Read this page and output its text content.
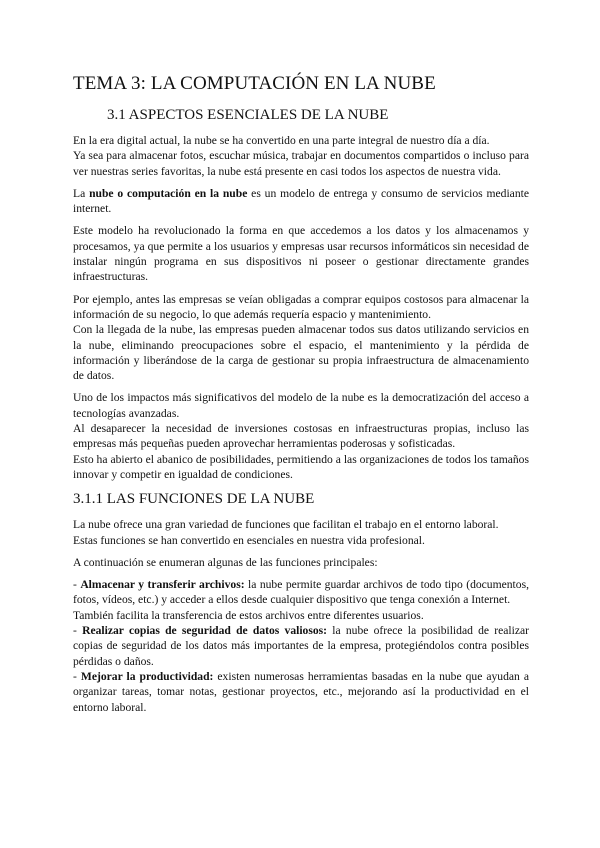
TEMA 3: LA COMPUTACIÓN EN LA NUBE
3.1 ASPECTOS ESENCIALES DE LA NUBE

En la era digital actual, la nube se ha convertido en una parte integral de nuestro día a día.

Ya sea para almacenar fotos, escuchar música, trabajar en documentos compartidos o incluso para ver nuestras series favoritas, la nube está presente en casi todos los aspectos de nuestra vida.

La nube o computación en la nube es un modelo de entrega y consumo de servicios mediante internet.

Este modelo ha revolucionado la forma en que accedemos a los datos y los almacenamos y procesamos, ya que permite a los usuarios y empresas usar recursos informáticos sin necesidad de instalar ningún programa en sus dispositivos ni poseer o gestionar directamente grandes infraestructuras.

Por ejemplo, antes las empresas se veían obligadas a comprar equipos costosos para almacenar la información de su negocio, lo que además requería espacio y mantenimiento.

Con la llegada de la nube, las empresas pueden almacenar todos sus datos utilizando servicios en la nube, eliminando preocupaciones sobre el espacio, el mantenimiento y la pérdida de información y liberándose de la carga de gestionar su propia infraestructura de almacenamiento de datos.

Uno de los impactos más significativos del modelo de la nube es la democratización del acceso a tecnologías avanzadas.

Al desaparecer la necesidad de inversiones costosas en infraestructuras propias, incluso las empresas más pequeñas pueden aprovechar herramientas poderosas y sofisticadas.

Esto ha abierto el abanico de posibilidades, permitiendo a las organizaciones de todos los tamaños innovar y competir en igualdad de condiciones.

3.1.1 LAS FUNCIONES DE LA NUBE

La nube ofrece una gran variedad de funciones que facilitan el trabajo en el entorno laboral.

Estas funciones se han convertido en esenciales en nuestra vida profesional.

A continuación se enumeran algunas de las funciones principales:

- Almacenar y transferir archivos: la nube permite guardar archivos de todo tipo (documentos, fotos, vídeos, etc.) y acceder a ellos desde cualquier dispositivo que tenga conexión a Internet.

También facilita la transferencia de estos archivos entre diferentes usuarios.

- Realizar copias de seguridad de datos valiosos: la nube ofrece la posibilidad de realizar copias de seguridad de los datos más importantes de la empresa, protegiéndolos contra posibles pérdidas o daños.

- Mejorar la productividad: existen numerosas herramientas basadas en la nube que ayudan a organizar tareas, tomar notas, gestionar proyectos, etc., mejorando así la productividad en el entorno laboral.
